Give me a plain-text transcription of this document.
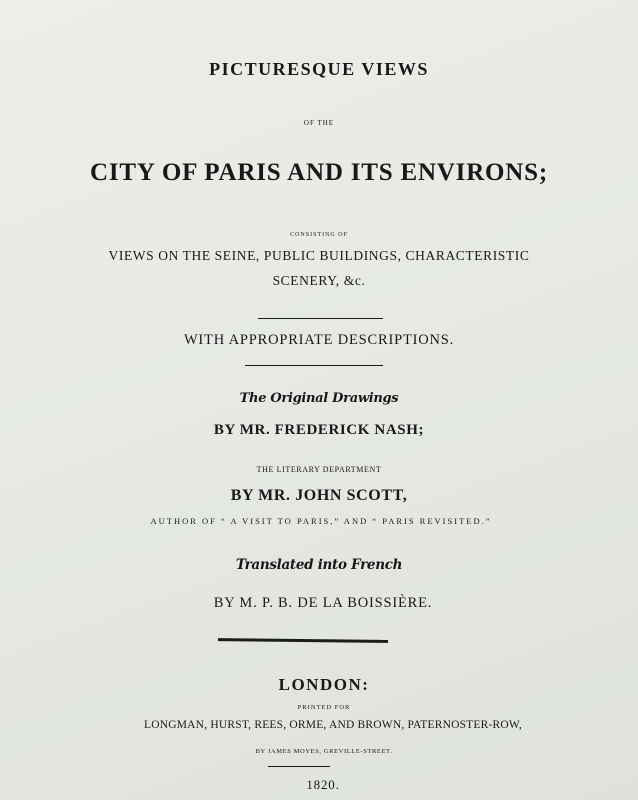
PICTURESQUE VIEWS
OF THE
CITY OF PARIS AND ITS ENVIRONS;
CONSISTING OF
VIEWS ON THE SEINE, PUBLIC BUILDINGS, CHARACTERISTIC
SCENERY, &c.
WITH APPROPRIATE DESCRIPTIONS.
The Original Drawings
BY MR. FREDERICK NASH;
THE LITERARY DEPARTMENT
BY MR. JOHN SCOTT,
AUTHOR OF “ A VISIT TO PARIS,” AND “ PARIS REVISITED.”
Translated into French
BY M. P. B. DE LA BOISSIÈRE.
LONDON:
PRINTED FOR
LONGMAN, HURST, REES, ORME, AND BROWN, PATERNOSTER-ROW,
BY JAMES MOYES, GREVILLE-STREET.
1820.
